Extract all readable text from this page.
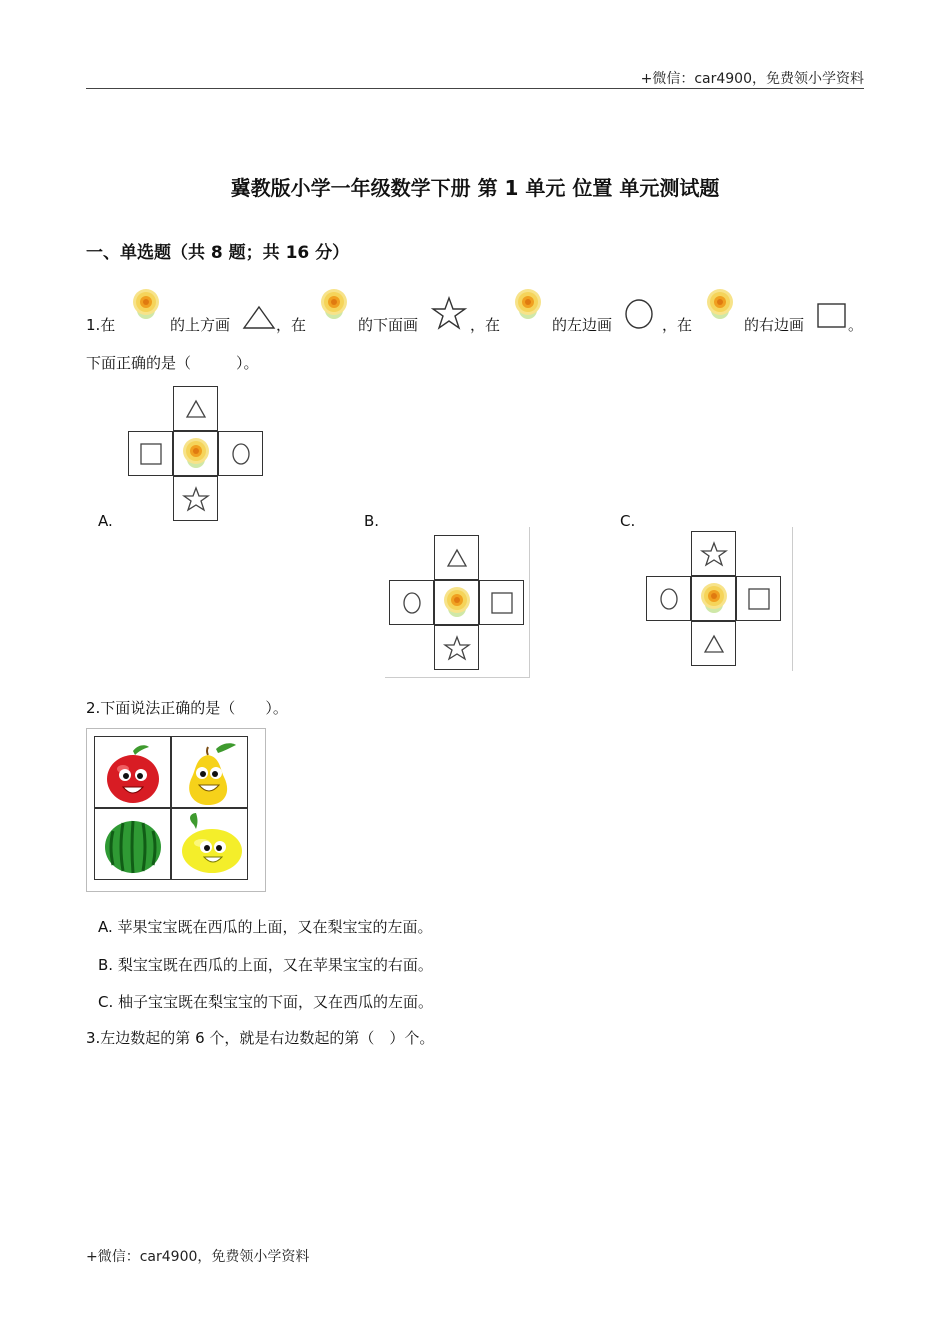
+微信：car4900，免费领小学资料
冀教版小学一年级数学下册 第 1 单元 位置 单元测试题
一、单选题（共 8 题；共 16 分）
1.在	的上方画	，在	的下面画	，在	的左边画	，在	的右边画	。
下面正确的是（　　　）。
A.	B.	C.
2.下面说法正确的是（　　）。
A. 苹果宝宝既在西瓜的上面，又在梨宝宝的左面。
B. 梨宝宝既在西瓜的上面，又在苹果宝宝的右面。
C. 柚子宝宝既在梨宝宝的下面，又在西瓜的左面。
3.左边数起的第 6 个，就是右边数起的第（　）个。
+微信：car4900，免费领小学资料
